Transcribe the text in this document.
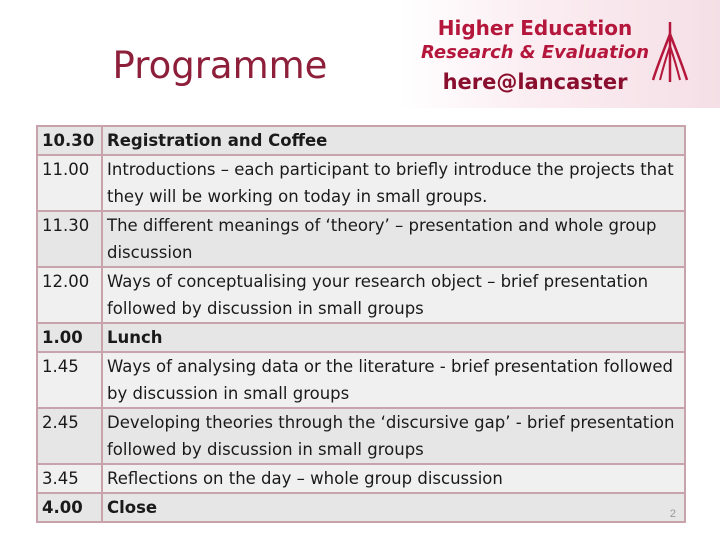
Programme
Higher Education
Research & Evaluation
here@lancaster
10.30	Registration and Coffee
11.00	Introductions – each participant to briefly introduce the projects that they will be working on today in small groups.
11.30	The different meanings of ‘theory’ – presentation and whole group discussion
12.00	Ways of conceptualising your research object – brief presentation followed by discussion in small groups
1.00	Lunch
1.45	Ways of analysing data or the literature - brief presentation followed by discussion in small groups
2.45	Developing theories through the ‘discursive gap’ - brief presentation followed by discussion in small groups
3.45	Reflections on the day – whole group discussion
4.00	Close	2
